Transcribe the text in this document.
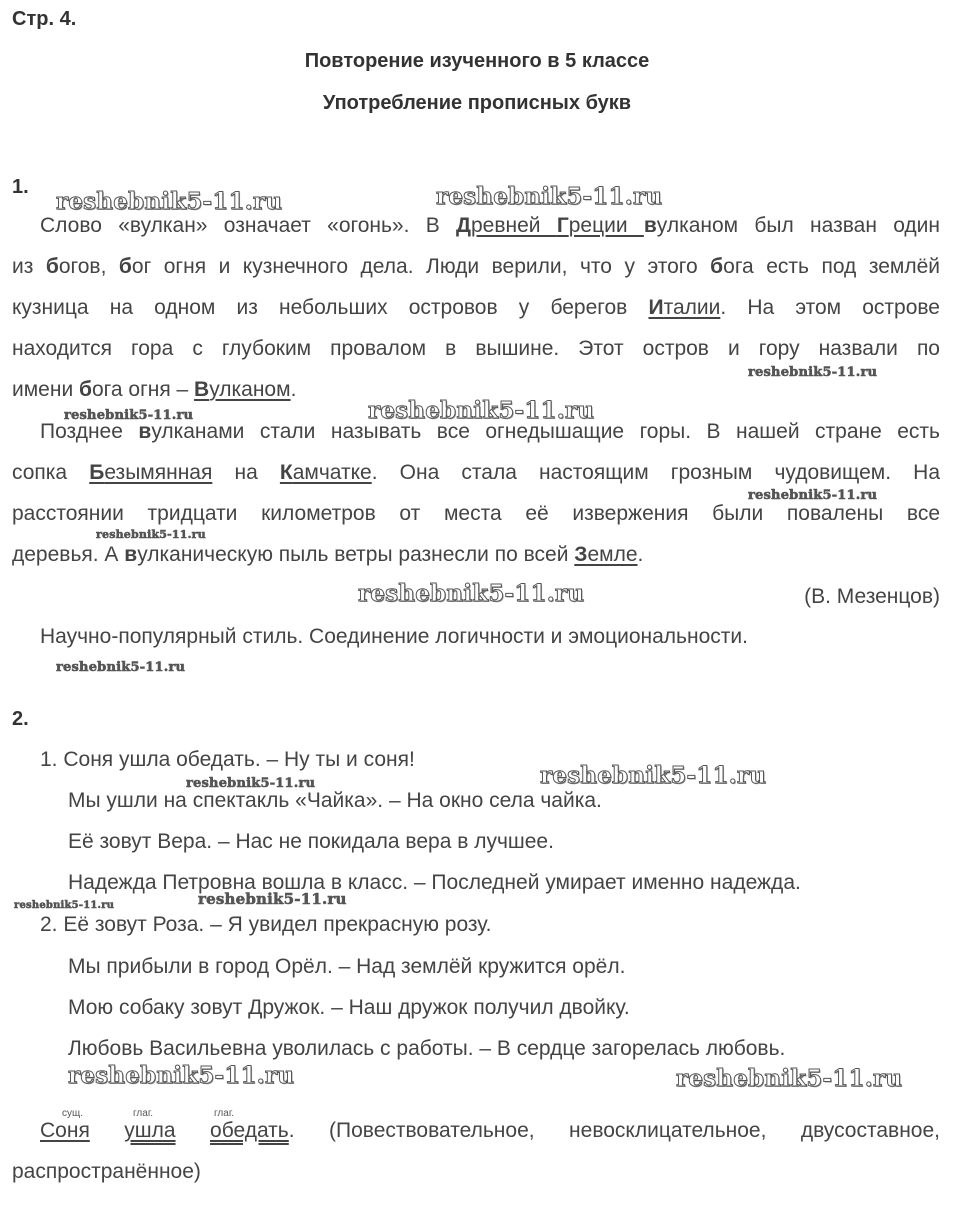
Стр. 4.
Повторение изученного в 5 классе
Употребление прописных букв
1.
Слово «вулкан» означает «огонь». В Древней Греции вулканом был назван один
из богов, бог огня и кузнечного дела. Люди верили, что у этого бога есть под землёй
кузница на одном из небольших островов у берегов Италии. На этом острове
находится гора с глубоким провалом в вышине. Этот остров и гору назвали по
имени бога огня – Вулканом.
Позднее вулканами стали называть все огнедышащие горы. В нашей стране есть
сопка Безымянная на Камчатке. Она стала настоящим грозным чудовищем. На
расстоянии тридцати километров от места её извержения были повалены все
деревья. А вулканическую пыль ветры разнесли по всей Земле.
(В. Мезенцов)
Научно-популярный стиль. Соединение логичности и эмоциональности.
2.
1. Соня ушла обедать. – Ну ты и соня!
Мы ушли на спектакль «Чайка». – На окно села чайка.
Её зовут Вера. – Нас не покидала вера в лучшее.
Надежда Петровна вошла в класс. – Последней умирает именно надежда.
2. Её зовут Роза. – Я увидел прекрасную розу.
Мы прибыли в город Орёл. – Над землёй кружится орёл.
Мою собаку зовут Дружок. – Наш дружок получил двойку.
Любовь Васильевна уволилась с работы. – В сердце загорелась любовь.
сущ.	глаг.	глаг.
Соня ушла обедать. (Повествовательное, невосклицательное, двусоставное,
распространённое)
reshebnik5-11.ru	reshebnik5-11.ru
reshebnik5-11.ru
reshebnik5-11.ru	reshebnik5-11.ru
reshebnik5-11.ru
reshebnik5-11.ru
reshebnik5-11.ru
reshebnik5-11.ru
reshebnik5-11.ru	reshebnik5-11.ru
reshebnik5-11.ru
reshebnik5-11.ru
reshebnik5-11.ru	reshebnik5-11.ru
